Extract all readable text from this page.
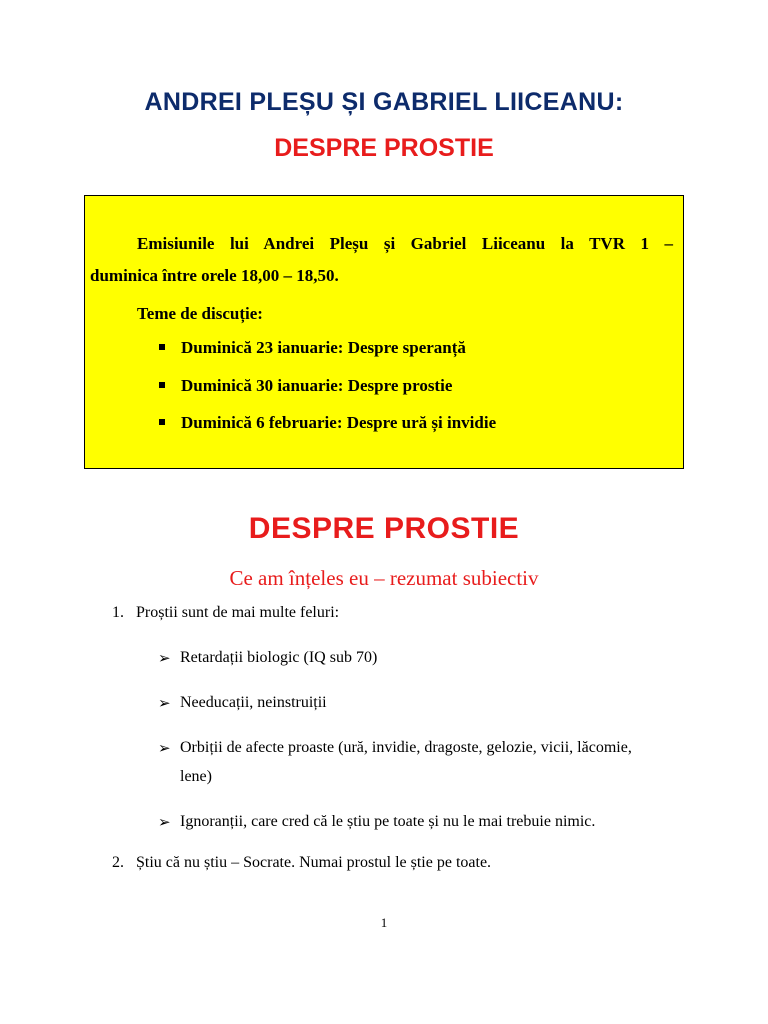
ANDREI PLEȘU ȘI GABRIEL LIICEANU:
DESPRE PROSTIE
Emisiunile lui Andrei Pleșu și Gabriel Liiceanu la TVR 1 –
duminica între orele 18,00 – 18,50.
Teme de discuție:
Duminică 23 ianuarie: Despre speranță
Duminică 30 ianuarie: Despre prostie
Duminică 6 februarie: Despre ură și invidie
DESPRE PROSTIE
Ce am înțeles eu – rezumat subiectiv
1. Proștii sunt de mai multe feluri:
➢ Retardații biologic (IQ sub 70)
➢ Needucații, neinstruiții
➢ Orbiții de afecte proaste (ură, invidie, dragoste, gelozie, vicii, lăcomie,
lene)
➢ Ignoranții, care cred că le știu pe toate și nu le mai trebuie nimic.
2. Știu că nu știu – Socrate. Numai prostul le știe pe toate.
1
